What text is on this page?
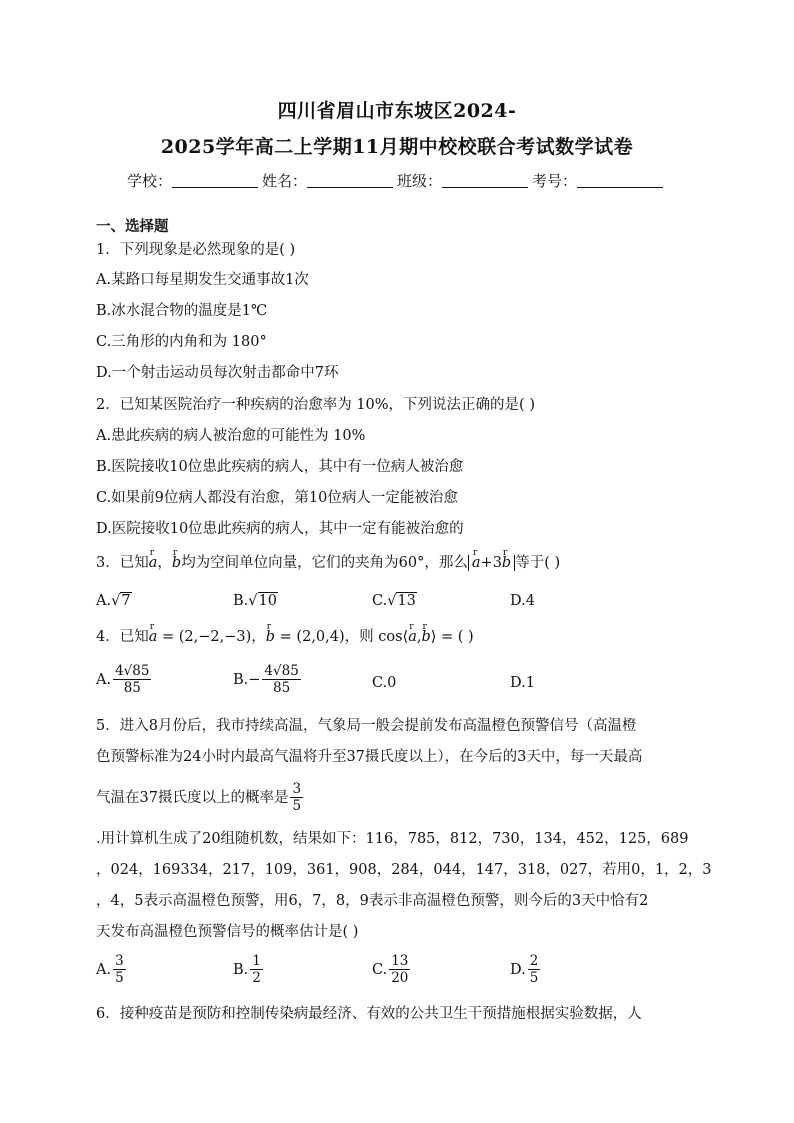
四川省眉山市东坡区2024-
2025学年高二上学期11月期中校校联合考试数学试卷
学校：	姓名：	班级：	考号：
一、选择题
1．下列现象是必然现象的是( )
A.某路口每星期发生交通事故1次
B.冰水混合物的温度是1℃
C.三角形的内角和为 180°
D.一个射击运动员每次射击都命中7环
2．已知某医院治疗一种疾病的治愈率为 10%，下列说法正确的是( )
A.患此疾病的病人被治愈的可能性为 10%
B.医院接收10位患此疾病的病人，其中有一位病人被治愈
C.如果前9位病人都没有治愈，第10位病人一定能被治愈
D.医院接收10位患此疾病的病人，其中一定有能被治愈的
3．已知r a，r b均为空间单位向量，它们的夹角为60°，那么r a+3r b 等于( )
A. √7	B. √10	C. √13	D.4
4．已知r a = (2,−2,−3)，r b = (2,0,4)，则 cos⟨r a,r b⟩ = ( )
A. $\frac{4√85}{85}$	$B.- \frac{4√85}{85}$	C.0	D.1
5．进入8月份后，我市持续高温，气象局一般会提前发布高温橙色预警信号（高温橙
色预警标准为24小时内最高气温将升至37摄氏度以上），在今后的3天中，每一天最高
气温在37摄氏度以上的概率是 $\frac{3}{5}$
.用计算机生成了20组随机数，结果如下：116，785，812，730，134，452，125，689
，024，169334，217，109，361，908，284，044，147，318，027，若用0，1，2，3
，4，5表示高温橙色预警，用6，7，8，9表示非高温橙色预警，则今后的3天中恰有2
天发布高温橙色预警信号的概率估计是( )
A. $\frac{3}{5}$	B. $\frac{1}{2}$	C. $\frac{13}{20}$	D. $\frac{2}{5}$
6．接种疫苗是预防和控制传染病最经济、有效的公共卫生干预措施根据实验数据，人
